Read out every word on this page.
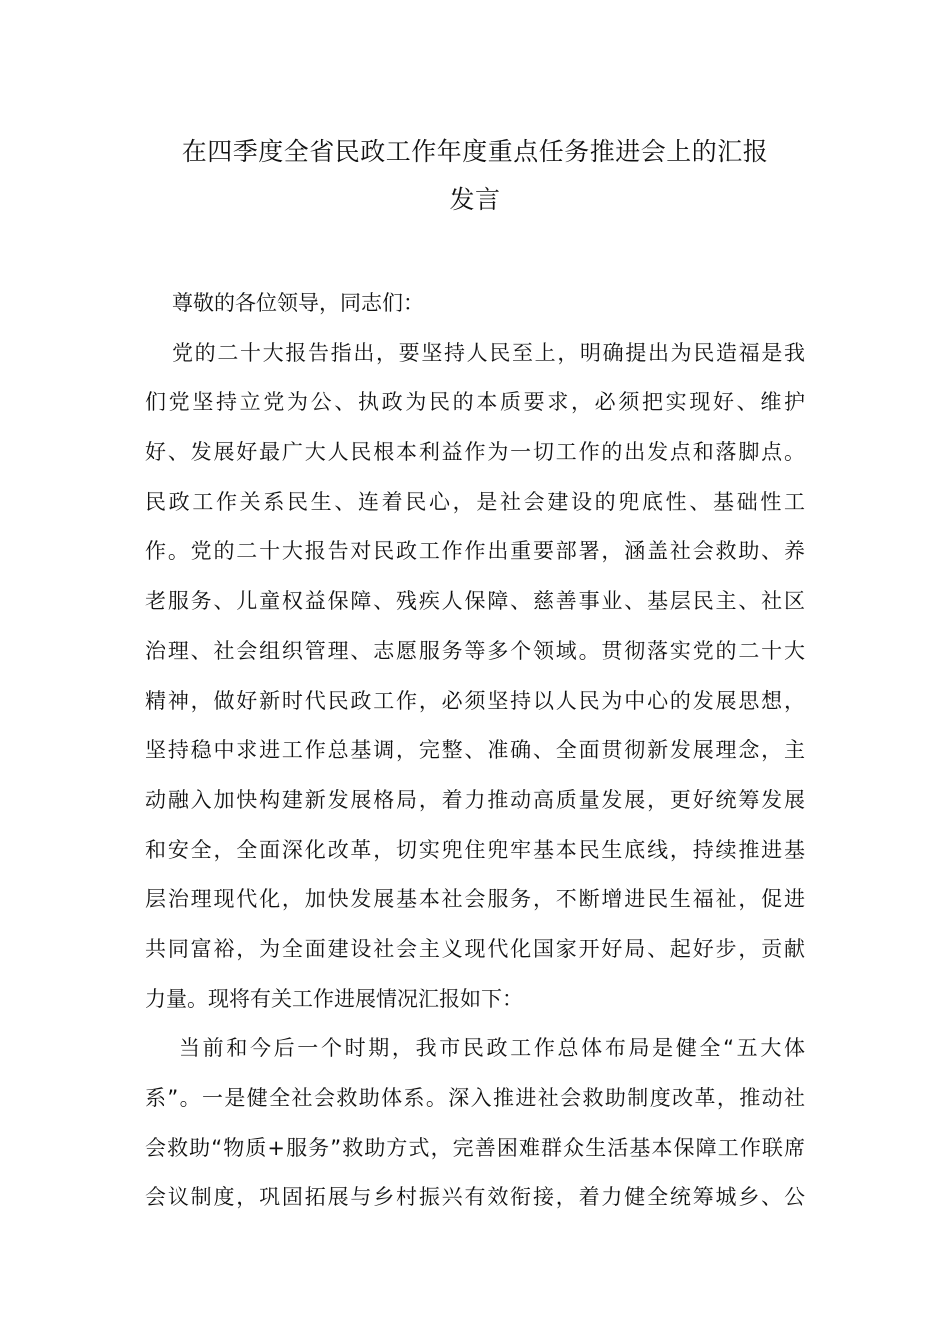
在四季度全省民政工作年度重点任务推进会上的汇报
发言
尊敬的各位领导，同志们：
党的二十大报告指出，要坚持人民至上，明确提出为民造福是我
们党坚持立党为公、执政为民的本质要求，必须把实现好、维护
好、发展好最广大人民根本利益作为一切工作的出发点和落脚点。
民政工作关系民生、连着民心，是社会建设的兜底性、基础性工
作。党的二十大报告对民政工作作出重要部署，涵盖社会救助、养
老服务、儿童权益保障、残疾人保障、慈善事业、基层民主、社区
治理、社会组织管理、志愿服务等多个领域。贯彻落实党的二十大
精神，做好新时代民政工作，必须坚持以人民为中心的发展思想，
坚持稳中求进工作总基调，完整、准确、全面贯彻新发展理念，主
动融入加快构建新发展格局，着力推动高质量发展，更好统筹发展
和安全，全面深化改革，切实兜住兜牢基本民生底线，持续推进基
层治理现代化，加快发展基本社会服务，不断增进民生福祉，促进
共同富裕，为全面建设社会主义现代化国家开好局、起好步，贡献
力量。现将有关工作进展情况汇报如下：
当前和今后一个时期，我市民政工作总体布局是健全“五大体
系”。一是健全社会救助体系。深入推进社会救助制度改革，推动社
会救助“物质+服务”救助方式，完善困难群众生活基本保障工作联席
会议制度，巩固拓展与乡村振兴有效衔接，着力健全统筹城乡、公
